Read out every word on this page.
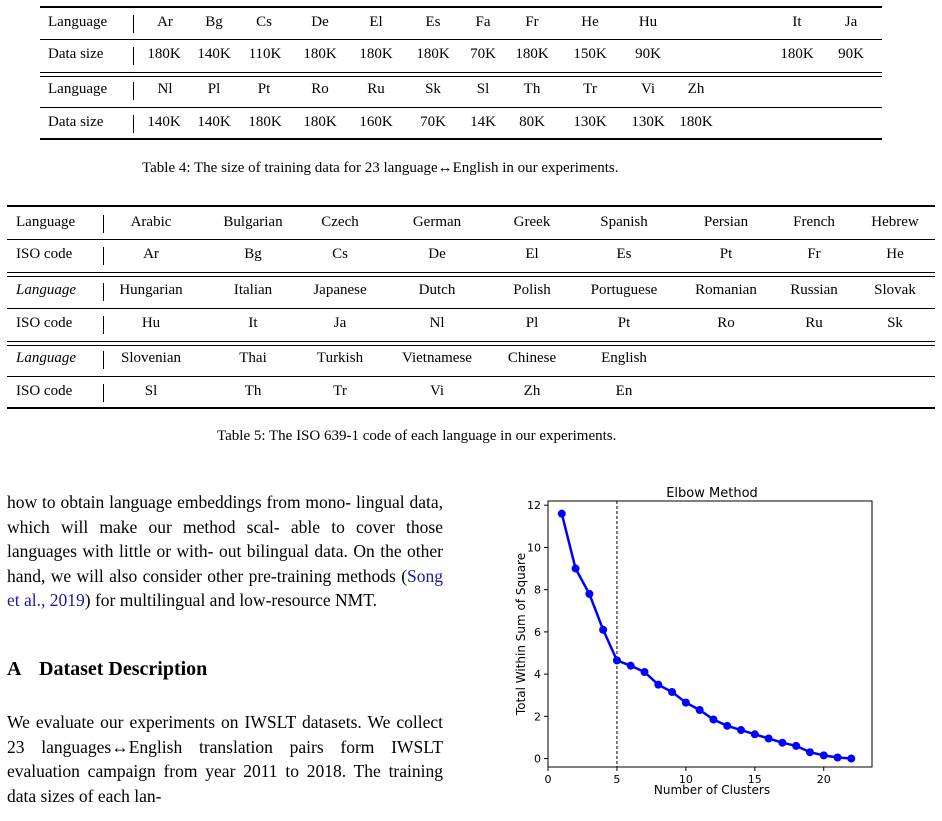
Language	Ar Bg Cs	De	El	Es Fa Fr	He	Hu	It	Ja
Data size	180K 140K 110K 180K 180K 180K 70K 180K 150K 90K	180K 90K
Language	Nl Pl Pt	Ro	Ru	Sk Sl Th	Tr	Vi Zh
Data size	140K 140K 180K 180K 160K 70K 14K 80K 130K 130K 180K
Table 4: The size of training data for 23 language↔English in our experiments.
Language	Arabic	Bulgarian	Czech	German	Greek	Spanish	Persian	French Hebrew
ISO code	Ar	Bg	Cs	De	El	Es	Pt	Fr	He
Language	Hungarian	Italian	Japanese	Dutch	Polish	Portuguese	Romanian Russian Slovak
ISO code	Hu	It	Ja	Nl	Pl	Pt	Ro	Ru	Sk
Language	Slovenian	Thai	Turkish	Vietnamese Chinese	English
ISO code	Sl	Th	Tr	Vi	Zh	En
Table 5: The ISO 639-1 code of each language in our experiments.

how to obtain language embeddings from mono- lingual data, which will make our method scal- able to cover those languages with little or with- out bilingual data. On the other hand, we will also consider other pre-training methods (Song et al., 2019) for multilingual and low-resource NMT.

A Dataset Description

We evaluate our experiments on IWSLT datasets. We collect 23 languages↔English translation pairs form IWSLT evaluation campaign from year 2011 to 2018. The training data sizes of each lan-

Elbow Method
0	5	10	15	20
0
2
4
6
8
10
12
Number of Clusters
Total Within Sum of Square
